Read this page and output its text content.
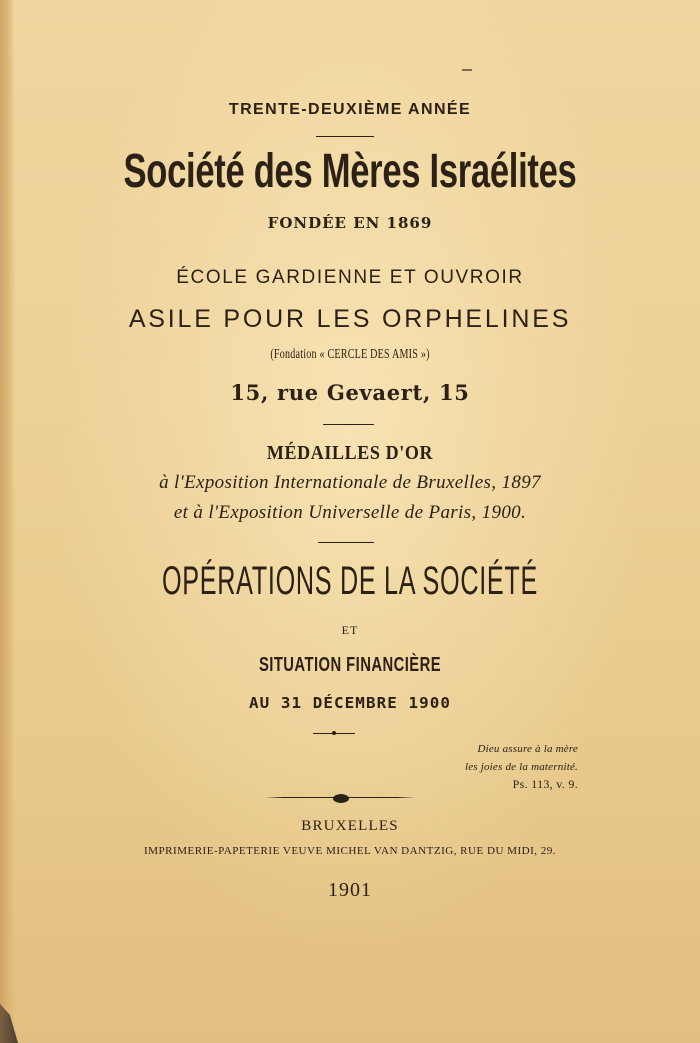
TRENTE-DEUXIÈME ANNÉE
Société des Mères Israélites
FONDÉE EN 1869
ÉCOLE GARDIENNE ET OUVROIR
ASILE POUR LES ORPHELINES
(Fondation « CERCLE DES AMIS »)
15, rue Gevaert, 15
MÉDAILLES D'OR
à l'Exposition Internationale de Bruxelles, 1897
et à l'Exposition Universelle de Paris, 1900.
OPÉRATIONS DE LA SOCIÉTÉ
ET
SITUATION FINANCIÈRE
AU 31 DÉCEMBRE 1900
Dieu assure à la mère
les joies de la maternité.
Ps. 113, v. 9.
BRUXELLES
IMPRIMERIE-PAPETERIE VEUVE MICHEL VAN DANTZIG, RUE DU MIDI, 29.
1901
